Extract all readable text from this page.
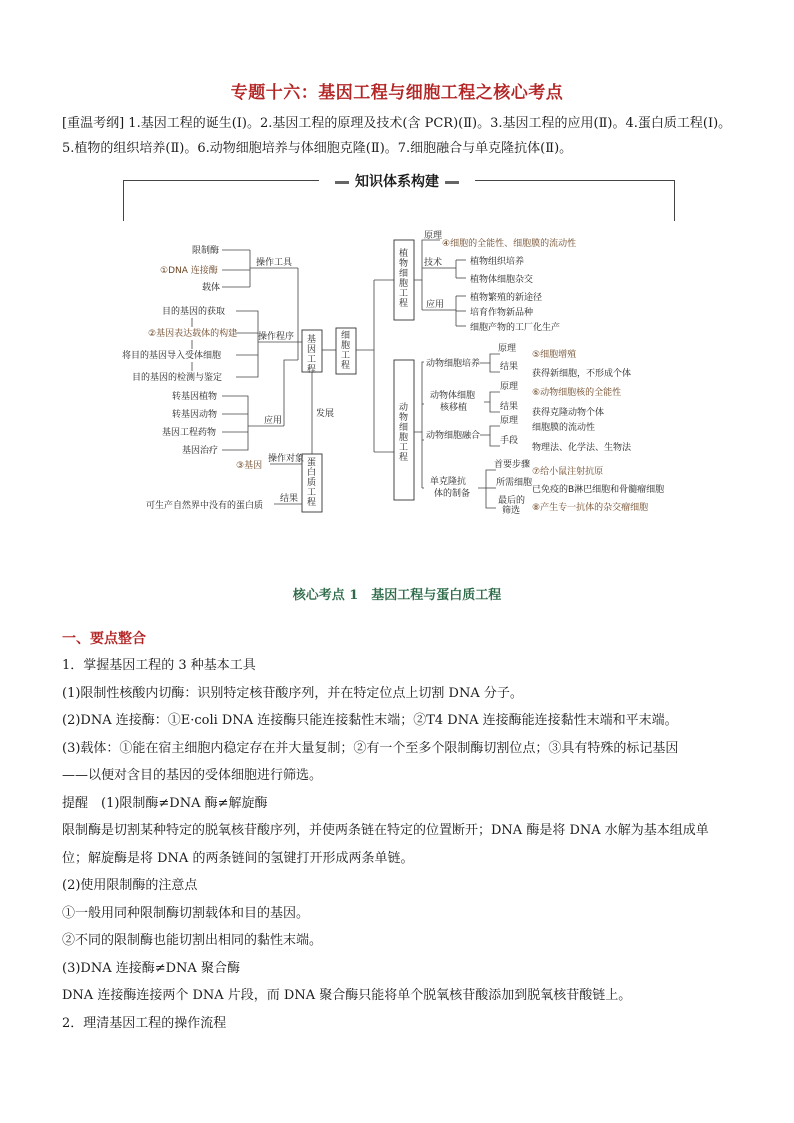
专题十六：基因工程与细胞工程之核心考点
[重温考纲] 1.基因工程的诞生(Ⅰ)。2.基因工程的原理及技术(含 PCR)(Ⅱ)。3.基因工程的应用(Ⅱ)。4.蛋白质工程(Ⅰ)。5.植物的组织培养(Ⅱ)。6.动物细胞培养与体细胞克隆(Ⅱ)。7.细胞融合与单克隆抗体(Ⅱ)。
知识体系构建
限制酶
①DNA 连接酶
载体
操作工具
目的基因的获取
②基因表达载体的构建
将目的基因导入受体细胞
目的基因的检测与鉴定
操作程序
转基因植物
转基因动物
基因工程药物
基因治疗
应用
基因工程
细胞工程
发展
蛋白质工程
操作对象
③基因
结果
可生产自然界中没有的蛋白质
植物细胞工程
原理
④细胞的全能性、细胞膜的流动性
技术	植物组织培养
植物体细胞杂交
应用
植物繁殖的新途径
培育作物新品种
细胞产物的工厂化生产
动物细胞工程
动物细胞培养
原理
⑤细胞增殖
结果
获得新细胞，不形成个体
动物体细胞核移植
原理
⑥动物细胞核的全能性
结果
获得克隆动物个体
动物细胞融合
原理
细胞膜的流动性
手段
物理法、化学法、生物法
单克隆抗体的制备
首要步骤
⑦给小鼠注射抗原
所需细胞
已免疫的B淋巴细胞和骨髓瘤细胞
最后的筛选	⑧产生专一抗体的杂交瘤细胞
核心考点 1　基因工程与蛋白质工程
一、要点整合

1．掌握基因工程的 3 种基本工具

(1)限制性核酸内切酶：识别特定核苷酸序列，并在特定位点上切割 DNA 分子。

(2)DNA 连接酶：①E·coli DNA 连接酶只能连接黏性末端；②T4 DNA 连接酶能连接黏性末端和平末端。

(3)载体：①能在宿主细胞内稳定存在并大量复制；②有一个至多个限制酶切割位点；③具有特殊的标记基因

——以便对含目的基因的受体细胞进行筛选。

提醒　(1)限制酶≠DNA 酶≠解旋酶

限制酶是切割某种特定的脱氧核苷酸序列，并使两条链在特定的位置断开；DNA 酶是将 DNA 水解为基本组成单

位；解旋酶是将 DNA 的两条链间的氢键打开形成两条单链。

(2)使用限制酶的注意点

①一般用同种限制酶切割载体和目的基因。

②不同的限制酶也能切割出相同的黏性末端。

(3)DNA 连接酶≠DNA 聚合酶

DNA 连接酶连接两个 DNA 片段，而 DNA 聚合酶只能将单个脱氧核苷酸添加到脱氧核苷酸链上。

2．理清基因工程的操作流程
